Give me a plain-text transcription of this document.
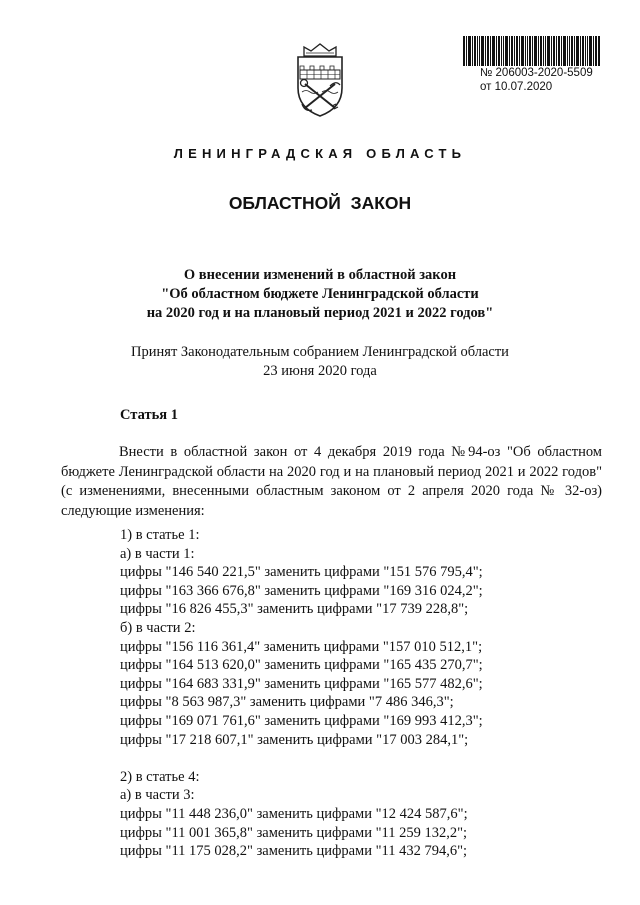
№ 206003-2020-5509
от 10.07.2020
ЛЕНИНГРАДСКАЯ ОБЛАСТЬ
ОБЛАСТНОЙ ЗАКОН
О внесении изменений в областной закон
"Об областном бюджете Ленинградской области
на 2020 год и на плановый период 2021 и 2022 годов"
Принят Законодательным собранием Ленинградской области
23 июня 2020 года
Статья 1
Внести в областной закон от 4 декабря 2019 года №94-оз "Об областном бюджете Ленинградской области на 2020 год и на плановый период 2021 и 2022 годов" (с изменениями, внесенными областным законом от 2 апреля 2020 года № 32-оз) следующие изменения:
1) в статье 1:
а) в части 1:
цифры "146 540 221,5" заменить цифрами "151 576 795,4";
цифры "163 366 676,8" заменить цифрами "169 316 024,2";
цифры "16 826 455,3" заменить цифрами "17 739 228,8";
б) в части 2:
цифры "156 116 361,4" заменить цифрами "157 010 512,1";
цифры "164 513 620,0" заменить цифрами "165 435 270,7";
цифры "164 683 331,9" заменить цифрами "165 577 482,6";
цифры "8 563 987,3" заменить цифрами "7 486 346,3";
цифры "169 071 761,6" заменить цифрами "169 993 412,3";
цифры "17 218 607,1" заменить цифрами "17 003 284,1";
2) в статье 4:
а) в части 3:
цифры "11 448 236,0" заменить цифрами "12 424 587,6";
цифры "11 001 365,8" заменить цифрами "11 259 132,2";
цифры "11 175 028,2" заменить цифрами "11 432 794,6";
